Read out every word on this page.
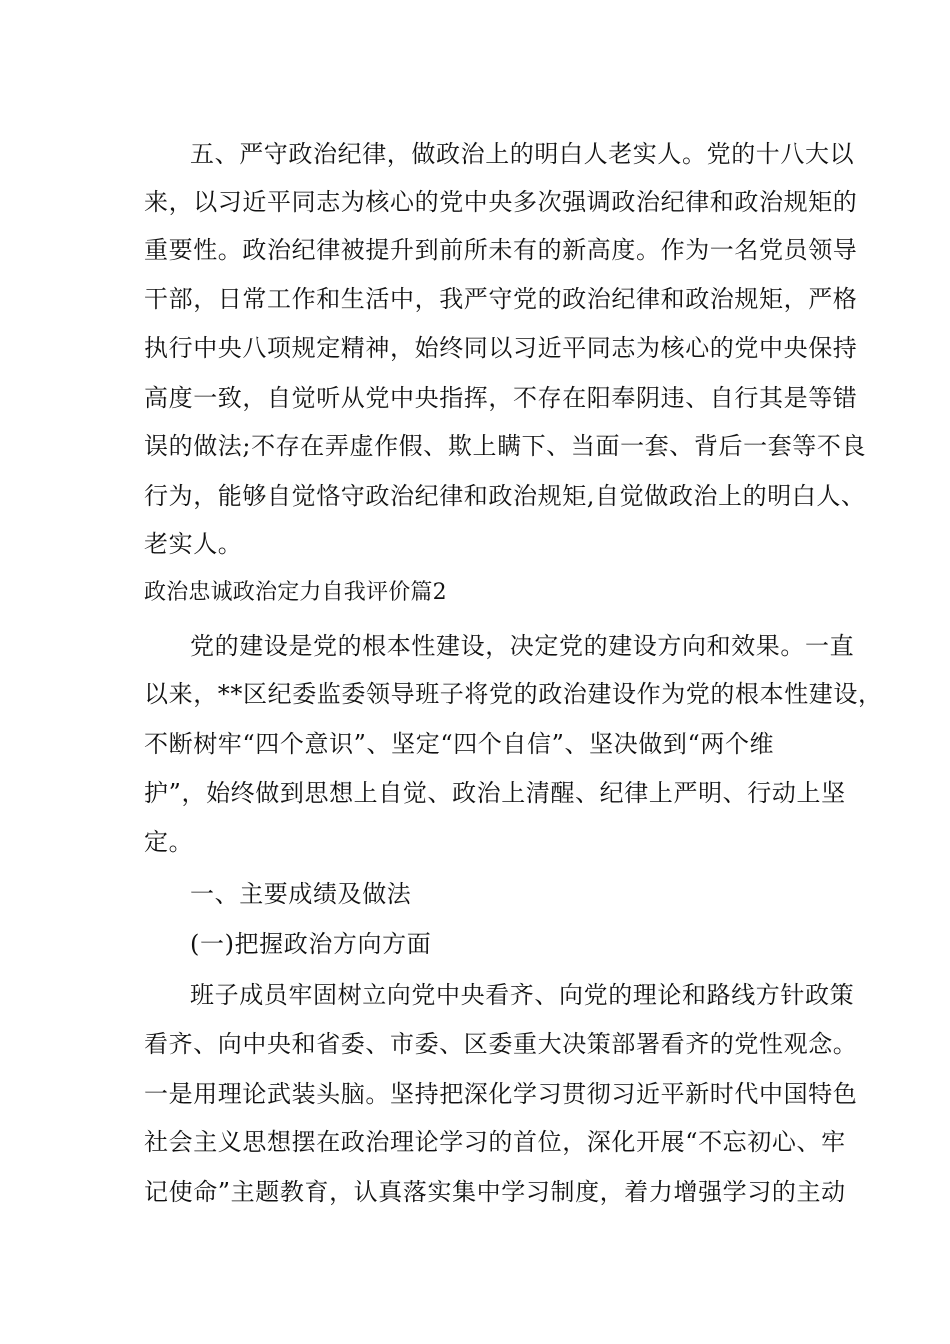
五、严守政治纪律，做政治上的明白人老实人。党的十八大以
来，以习近平同志为核心的党中央多次强调政治纪律和政治规矩的
重要性。政治纪律被提升到前所未有的新高度。作为一名党员领导
干部，日常工作和生活中，我严守党的政治纪律和政治规矩，严格
执行中央八项规定精神，始终同以习近平同志为核心的党中央保持
高度一致，自觉听从党中央指挥，不存在阳奉阴违、自行其是等错
误的做法;不存在弄虚作假、欺上瞒下、当面一套、背后一套等不良
行为，能够自觉恪守政治纪律和政治规矩,自觉做政治上的明白人、
老实人。
政治忠诚政治定力自我评价篇2
党的建设是党的根本性建设，决定党的建设方向和效果。一直
以来，**区纪委监委领导班子将党的政治建设作为党的根本性建设，
不断树牢“四个意识”、坚定“四个自信”、坚决做到“两个维
护”，始终做到思想上自觉、政治上清醒、纪律上严明、行动上坚
定。
一、主要成绩及做法
(一)把握政治方向方面
班子成员牢固树立向党中央看齐、向党的理论和路线方针政策
看齐、向中央和省委、市委、区委重大决策部署看齐的党性观念。
一是用理论武装头脑。坚持把深化学习贯彻习近平新时代中国特色
社会主义思想摆在政治理论学习的首位，深化开展“不忘初心、牢
记使命”主题教育，认真落实集中学习制度，着力增强学习的主动
